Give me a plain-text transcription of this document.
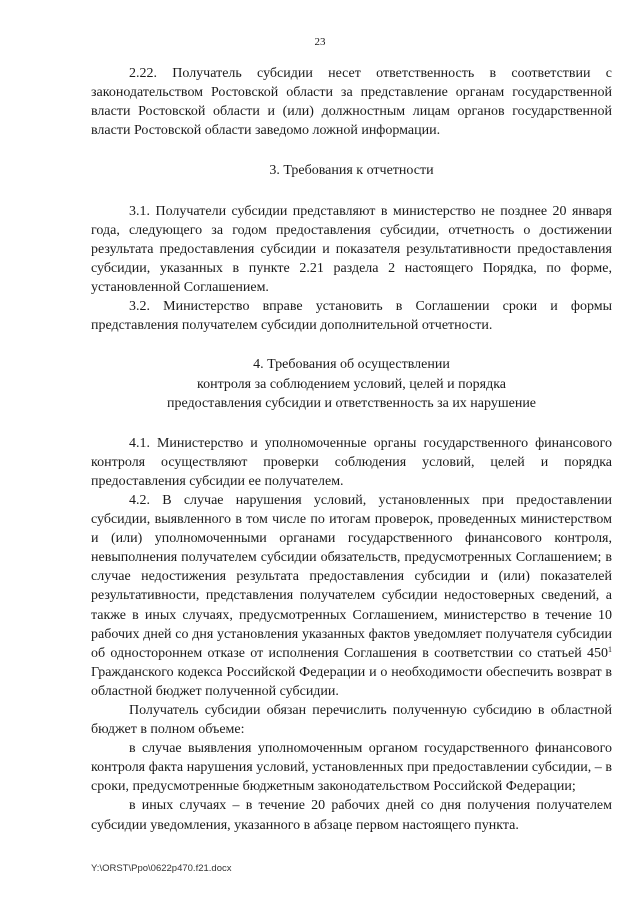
23

2.22. Получатель субсидии несет ответственность в соответствии с законодательством Ростовской области за представление органам государственной власти Ростовской области и (или) должностным лицам органов государственной власти Ростовской области заведомо ложной информации.

3. Требования к отчетности

3.1. Получатели субсидии представляют в министерство не позднее 20 января года, следующего за годом предоставления субсидии, отчетность о достижении результата предоставления субсидии и показателя результативности предоставления субсидии, указанных в пункте 2.21 раздела 2 настоящего Порядка, по форме, установленной Соглашением.

3.2. Министерство вправе установить в Соглашении сроки и формы представления получателем субсидии дополнительной отчетности.

4. Требования об осуществлении
контроля за соблюдением условий, целей и порядка
предоставления субсидии и ответственность за их нарушение

4.1. Министерство и уполномоченные органы государственного финансового контроля осуществляют проверки соблюдения условий, целей и порядка предоставления субсидии ее получателем.

4.2. В случае нарушения условий, установленных при предоставлении субсидии, выявленного в том числе по итогам проверок, проведенных министерством и (или) уполномоченными органами государственного финансового контроля, невыполнения получателем субсидии обязательств, предусмотренных Соглашением; в случае недостижения результата предоставления субсидии и (или) показателей результативности, представления получателем субсидии недостоверных сведений, а также в иных случаях, предусмотренных Соглашением, министерство в течение 10 рабочих дней со дня установления указанных фактов уведомляет получателя субсидии об одностороннем отказе от исполнения Соглашения в соответствии со статьей $450^1$ Гражданского кодекса Российской Федерации и о необходимости обеспечить возврат в областной бюджет полученной субсидии.

Получатель субсидии обязан перечислить полученную субсидию в областной бюджет в полном объеме:

в случае выявления уполномоченным органом государственного финансового контроля факта нарушения условий, установленных при предоставлении субсидии, – в сроки, предусмотренные бюджетным законодательством Российской Федерации;

в иных случаях – в течение 20 рабочих дней со дня получения получателем субсидии уведомления, указанного в абзаце первом настоящего пункта.

Y:\ORST\Ppo\0622p470.f21.docx
